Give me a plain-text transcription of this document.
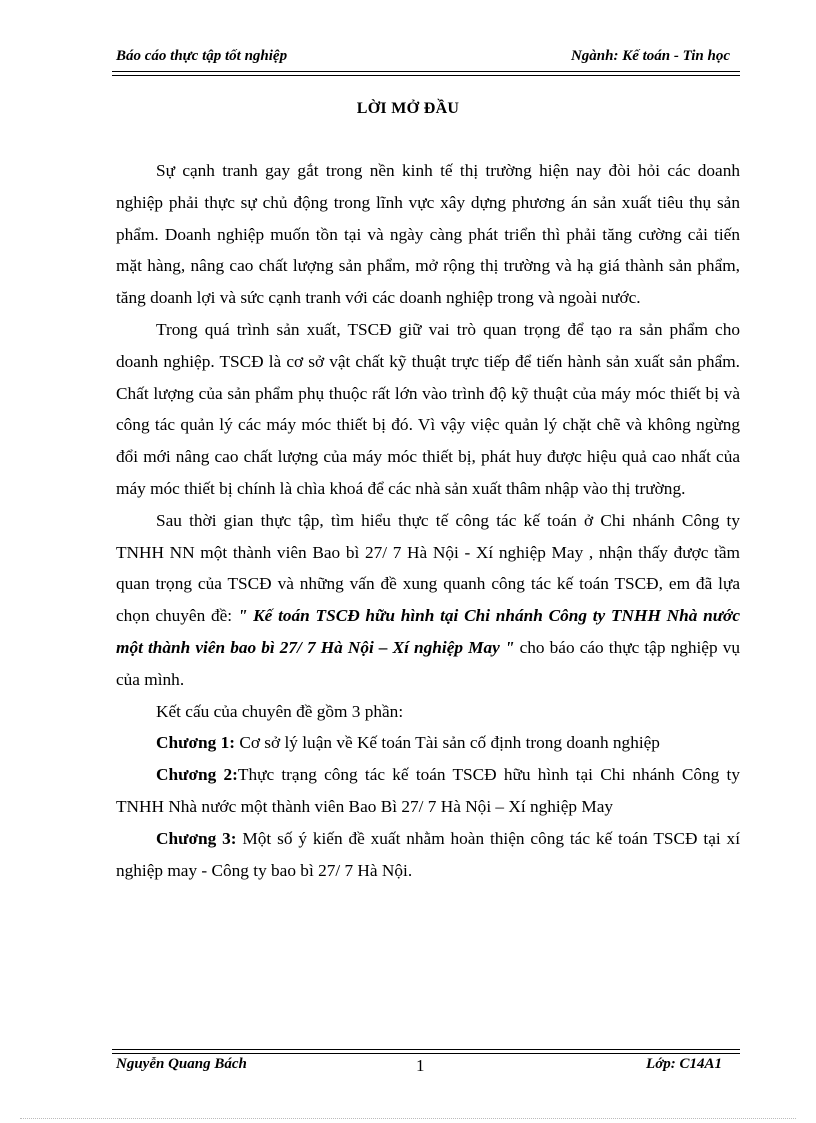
Báo cáo thực tập tốt nghiệp	Ngành: Kế toán - Tin học
LỜI MỞ ĐẦU

Sự cạnh tranh gay gắt trong nền kinh tế thị trường hiện nay đòi hỏi các doanh nghiệp phải thực sự chủ động trong lĩnh vực xây dựng phương án sản xuất tiêu thụ sản phẩm. Doanh nghiệp muốn tồn tại và ngày càng phát triển thì phải tăng cường cải tiến mặt hàng, nâng cao chất lượng sản phẩm, mở rộng thị trường và hạ giá thành sản phẩm, tăng doanh lợi và sức cạnh tranh với các doanh nghiệp trong và ngoài nước.

Trong quá trình sản xuất, TSCĐ giữ vai trò quan trọng để tạo ra sản phẩm cho doanh nghiệp. TSCĐ là cơ sở vật chất kỹ thuật trực tiếp để tiến hành sản xuất sản phẩm. Chất lượng của sản phẩm phụ thuộc rất lớn vào trình độ kỹ thuật của máy móc thiết bị và công tác quản lý các máy móc thiết bị đó. Vì vậy việc quản lý chặt chẽ và không ngừng đổi mới nâng cao chất lượng của máy móc thiết bị, phát huy được hiệu quả cao nhất của máy móc thiết bị chính là chìa khoá để các nhà sản xuất thâm nhập vào thị trường.

Sau thời gian thực tập, tìm hiểu thực tế công tác kế toán ở Chi nhánh Công ty TNHH NN một thành viên Bao bì 27/ 7 Hà Nội - Xí nghiệp May , nhận thấy được tầm quan trọng của TSCĐ và những vấn đề xung quanh công tác kế toán TSCĐ, em đã lựa chọn chuyên đề: " Kế toán TSCĐ hữu hình tại Chi nhánh Công ty TNHH Nhà nước một thành viên bao bì 27/ 7 Hà Nội – Xí nghiệp May " cho báo cáo thực tập nghiệp vụ của mình.

Kết cấu của chuyên đề gồm 3 phần:

Chương 1: Cơ sở lý luận về Kế toán Tài sản cố định trong doanh nghiệp

Chương 2:Thực trạng công tác kế toán TSCĐ hữu hình tại Chi nhánh Công ty TNHH Nhà nước một thành viên Bao Bì 27/ 7 Hà Nội – Xí nghiệp May

Chương 3: Một số ý kiến đề xuất nhằm hoàn thiện công tác kế toán TSCĐ tại xí nghiệp may - Công ty bao bì 27/ 7 Hà Nội.

Nguyễn Quang Bách	1	Lớp: C14A1
